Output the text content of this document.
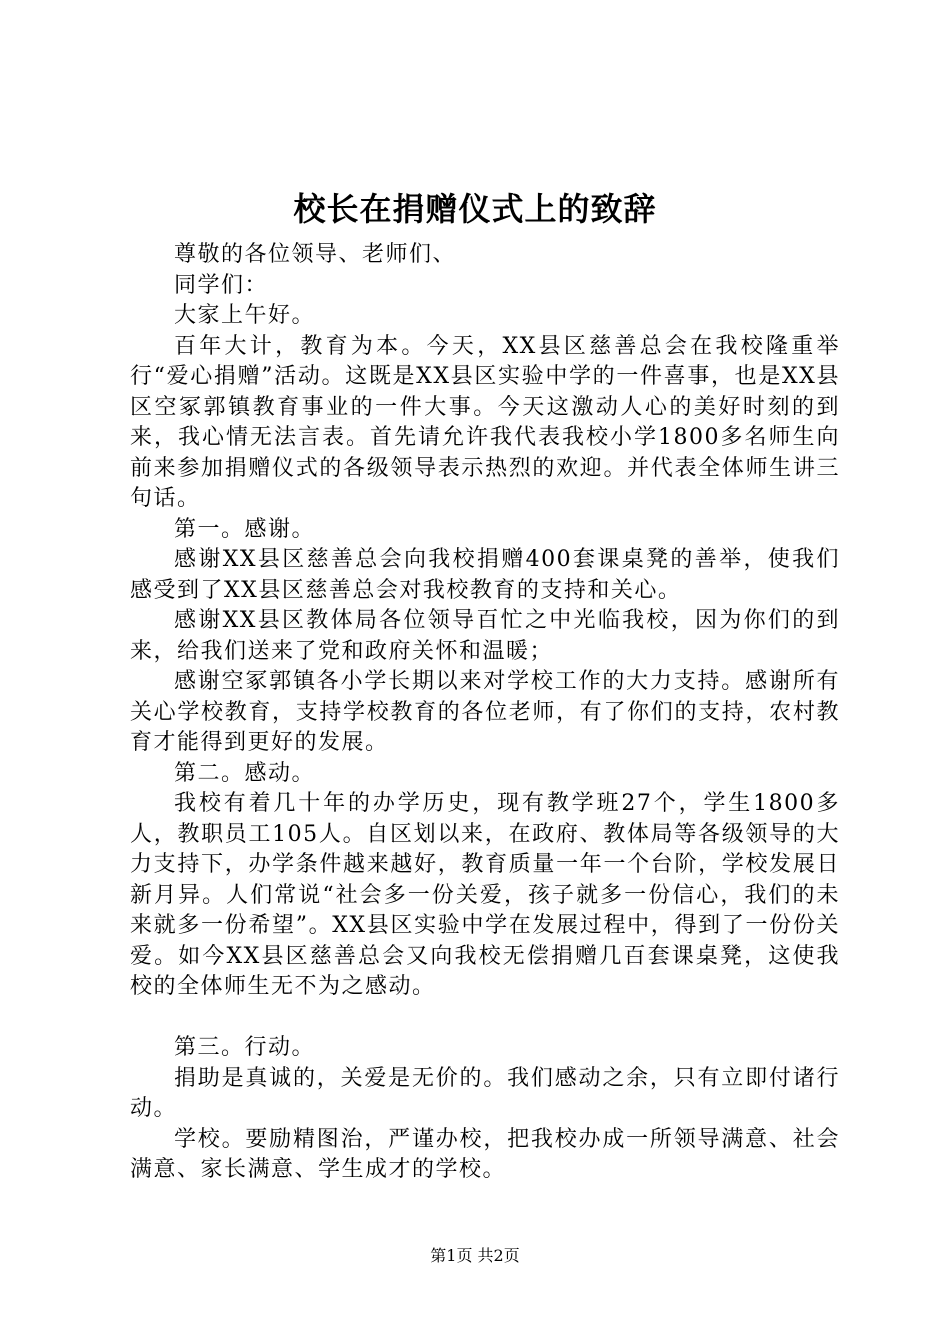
校长在捐赠仪式上的致辞

尊敬的各位领导、老师们、

同学们：

大家上午好。

百年大计，教育为本。今天，XX县区慈善总会在我校隆重举行“爱心捐赠”活动。这既是XX县区实验中学的一件喜事，也是XX县区空冢郭镇教育事业的一件大事。今天这激动人心的美好时刻的到来，我心情无法言表。首先请允许我代表我校小学1800多名师生向前来参加捐赠仪式的各级领导表示热烈的欢迎。并代表全体师生讲三句话。

第一。感谢。

感谢XX县区慈善总会向我校捐赠400套课桌凳的善举，使我们感受到了XX县区慈善总会对我校教育的支持和关心。

感谢XX县区教体局各位领导百忙之中光临我校，因为你们的到来，给我们送来了党和政府关怀和温暖；

感谢空冢郭镇各小学长期以来对学校工作的大力支持。感谢所有关心学校教育，支持学校教育的各位老师，有了你们的支持，农村教育才能得到更好的发展。

第二。感动。

我校有着几十年的办学历史，现有教学班27个，学生1800多人，教职员工105人。自区划以来，在政府、教体局等各级领导的大力支持下，办学条件越来越好，教育质量一年一个台阶，学校发展日新月异。人们常说“社会多一份关爱，孩子就多一份信心，我们的未来就多一份希望”。XX县区实验中学在发展过程中，得到了一份份关爱。如今XX县区慈善总会又向我校无偿捐赠几百套课桌凳，这使我校的全体师生无不为之感动。

第三。行动。

捐助是真诚的，关爱是无价的。我们感动之余，只有立即付诸行动。

学校。要励精图治，严谨办校，把我校办成一所领导满意、社会满意、家长满意、学生成才的学校。

第1页 共2页
